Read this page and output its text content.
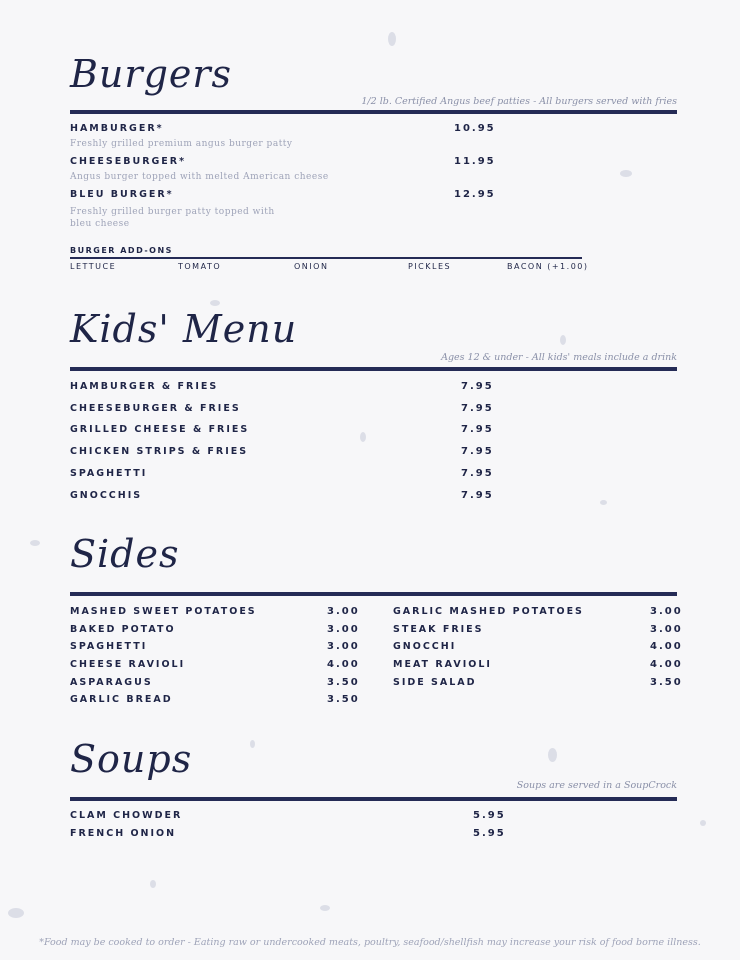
Burgers
1/2 lb. Certified Angus beef patties - All burgers served with fries
HAMBURGER*	10.95
Freshly grilled premium angus burger patty
CHEESEBURGER*	11.95
Angus burger topped with melted American cheese
BLEU BURGER*	12.95
Freshly grilled burger patty topped with bleu cheese
BURGER ADD-ONS
LETTUCE	TOMATO	ONION	PICKLES	BACON (+1.00)
Kids' Menu
Ages 12 & under - All kids' meals include a drink
HAMBURGER & FRIES	7.95
CHEESEBURGER & FRIES	7.95
GRILLED CHEESE & FRIES	7.95
CHICKEN STRIPS & FRIES	7.95
SPAGHETTI	7.95
GNOCCHIS	7.95
Sides
MASHED SWEET POTATOES	3.00
BAKED POTATO	3.00
SPAGHETTI	3.00
CHEESE RAVIOLI	4.00
ASPARAGUS	3.50
GARLIC BREAD	3.50
GARLIC MASHED POTATOES	3.00
STEAK FRIES	3.00
GNOCCHI	4.00
MEAT RAVIOLI	4.00
SIDE SALAD	3.50
Soups
Soups are served in a SoupCrock
CLAM CHOWDER	5.95
FRENCH ONION	5.95
*Food may be cooked to order - Eating raw or undercooked meats, poultry, seafood/shellfish may increase your risk of food borne illness.
